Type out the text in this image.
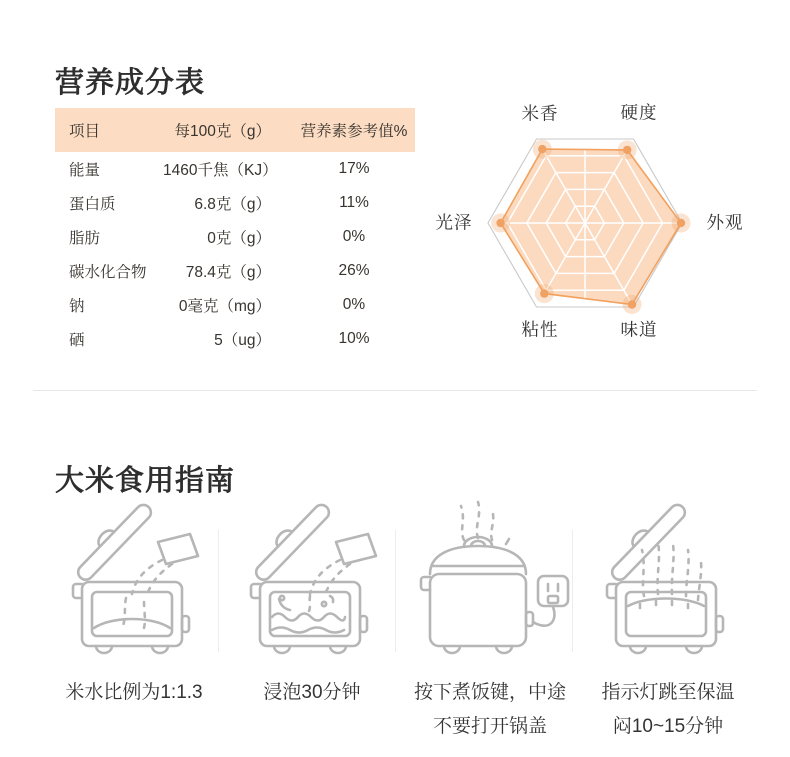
营养成分表
项目	每100克（g）	营养素参考值%
能量	1460千焦（KJ）	17%
蛋白质	6.8克（g）	11%
脂肪	0克（g）	0%
碳水化合物	78.4克（g）	26%
钠	0毫克（mg）	0%
硒	5（ug）	10%
米香	硬度
外观
味道
粘性
光泽
大米食用指南
米水比例为1:1.3	浸泡30分钟	按下煮饭键，中途
不要打开锅盖
指示灯跳至保温
闷10~15分钟
